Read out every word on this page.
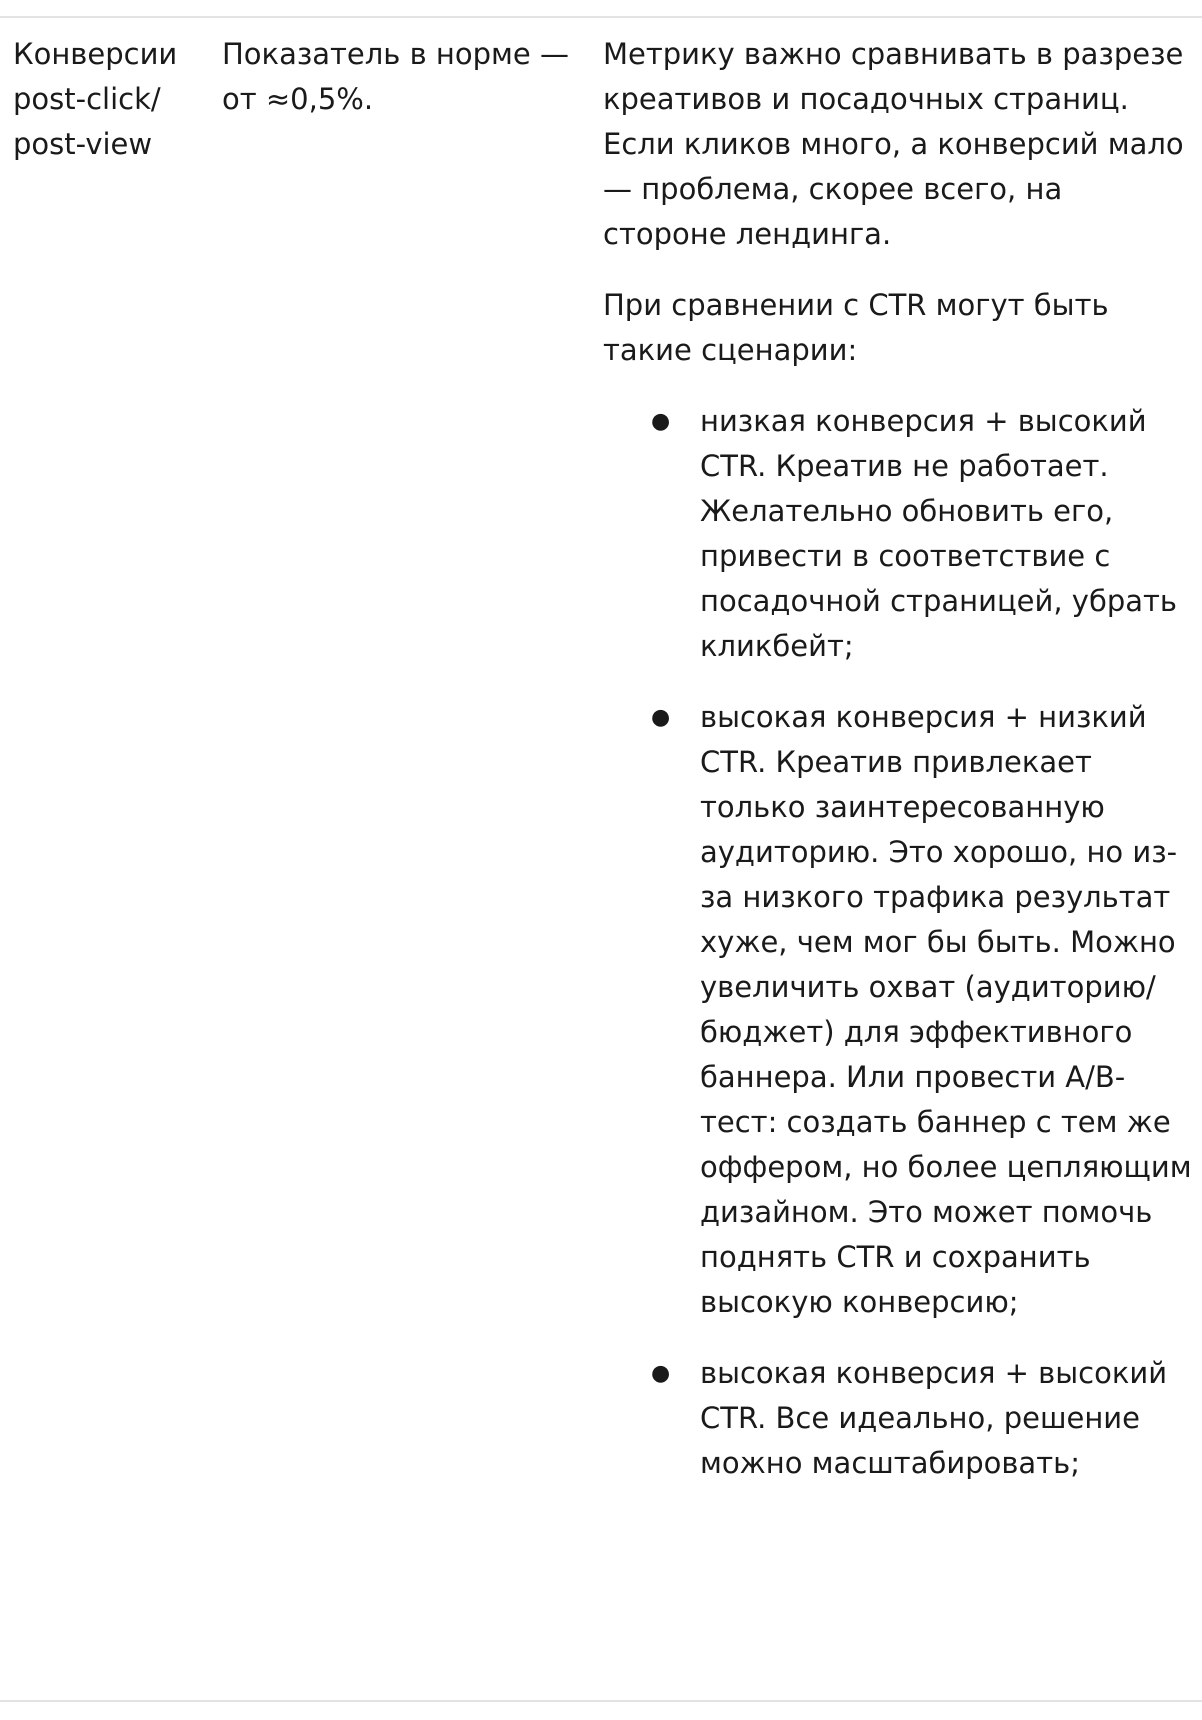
Конверсии post-click/ post-view

Показатель в норме — от ≈0,5%.

Метрику важно сравнивать в разрезе креативов и посадочных страниц. Если кликов много, а конверсий мало — проблема, скорее всего, на стороне лендинга.

При сравнении с CTR могут быть такие сценарии:

● низкая конверсия + высокий CTR. Креатив не работает. Желательно обновить его, привести в соответствие с посадочной страницей, убрать кликбейт;
● высокая конверсия + низкий CTR. Креатив привлекает только заинтересованную аудиторию. Это хорошо, но из-за низкого трафика результат хуже, чем мог бы быть. Можно увеличить охват (аудиторию/бюджет) для эффективного баннера. Или провести A/B-тест: создать баннер с тем же оффером, но более цепляющим дизайном. Это может помочь поднять CTR и сохранить высокую конверсию;
● высокая конверсия + высокий CTR. Все идеально, решение можно масштабировать;
